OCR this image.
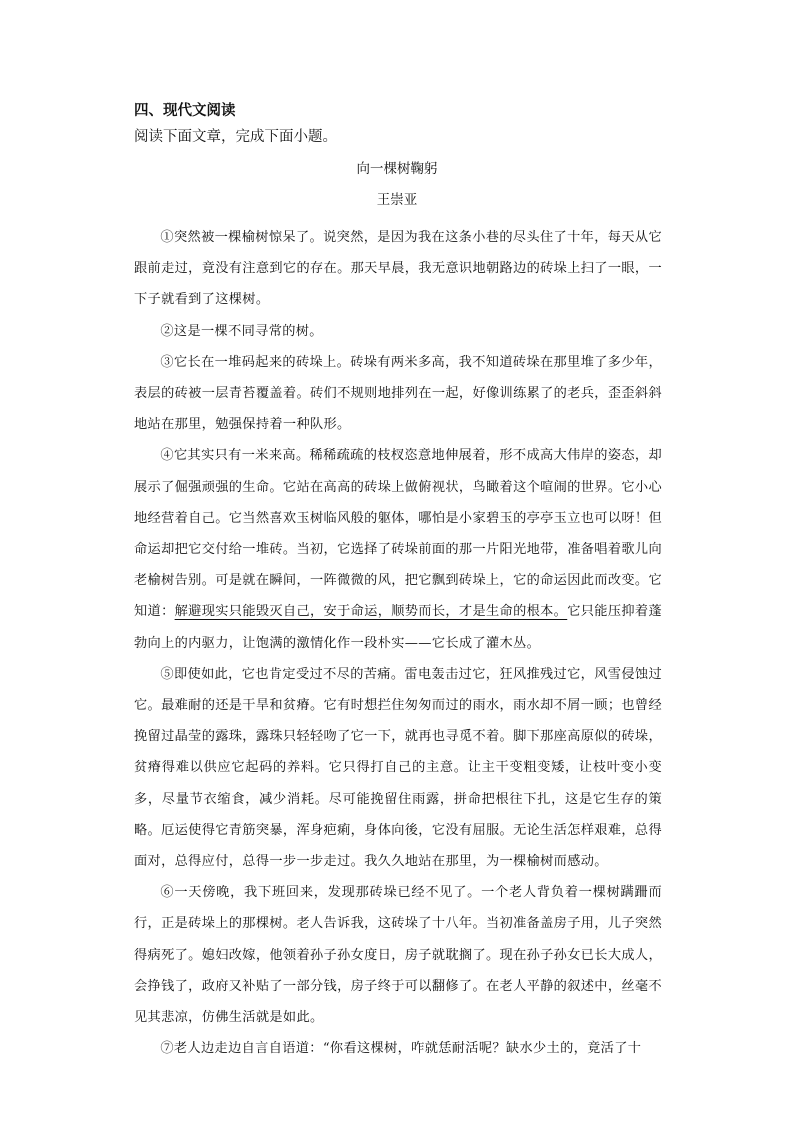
四、现代文阅读
阅读下面文章，完成下面小题。
向一棵树鞠躬
王崇亚

①突然被一棵榆树惊呆了。说突然，是因为我在这条小巷的尽头住了十年，每天从它跟前走过，竟没有注意到它的存在。那天早晨，我无意识地朝路边的砖垛上扫了一眼，一下子就看到了这棵树。

②这是一棵不同寻常的树。

③它长在一堆码起来的砖垛上。砖垛有两米多高，我不知道砖垛在那里堆了多少年，表层的砖被一层青苔覆盖着。砖们不规则地排列在一起，好像训练累了的老兵，歪歪斜斜地站在那里，勉强保持着一种队形。

④它其实只有一米来高。稀稀疏疏的枝杈恣意地伸展着，形不成高大伟岸的姿态，却展示了倔强顽强的生命。它站在高高的砖垛上做俯视状，鸟瞰着这个喧闹的世界。它小心地经营着自己。它当然喜欢玉树临风般的躯体，哪怕是小家碧玉的亭亭玉立也可以呀！但命运却把它交付给一堆砖。当初，它选择了砖垛前面的那一片阳光地带，准备唱着歌儿向老榆树告别。可是就在瞬间，一阵微微的风，把它飘到砖垛上，它的命运因此而改变。它知道：解避现实只能毁灭自己，安于命运，顺势而长，才是生命的根本。它只能压抑着蓬勃向上的内驱力，让饱满的激情化作一段朴实——它长成了灌木丛。

⑤即使如此，它也肯定受过不尽的苦痛。雷电轰击过它，狂风推残过它，风雪侵蚀过它。最难耐的还是干旱和贫瘠。它有时想拦住匆匆而过的雨水，雨水却不屑一顾；也曾经挽留过晶莹的露珠，露珠只轻轻吻了它一下，就再也寻觅不着。脚下那座高原似的砖垛，贫瘠得难以供应它起码的养料。它只得打自己的主意。让主干变粗变矮，让枝叶变小变多，尽量节衣缩食，减少消耗。尽可能挽留住雨露，拼命把根往下扎，这是它生存的策略。厄运使得它青筋突暴，浑身疤痢，身体向後，它没有屈服。无论生活怎样艰难，总得面对，总得应付，总得一步一步走过。我久久地站在那里，为一棵榆树而感动。

⑥一天傍晚，我下班回来，发现那砖垛已经不见了。一个老人背负着一棵树蹒跚而行，正是砖垛上的那棵树。老人告诉我，这砖垛了十八年。当初准备盖房子用，儿子突然得病死了。媳妇改嫁，他领着孙子孙女度日，房子就耽搁了。现在孙子孙女已长大成人，会挣钱了，政府又补贴了一部分钱，房子终于可以翻修了。在老人平静的叙述中，丝毫不见其悲凉，仿佛生活就是如此。

⑦老人边走边自言自语道：“你看这棵树，咋就恁耐活呢？缺水少土的，竟活了十
